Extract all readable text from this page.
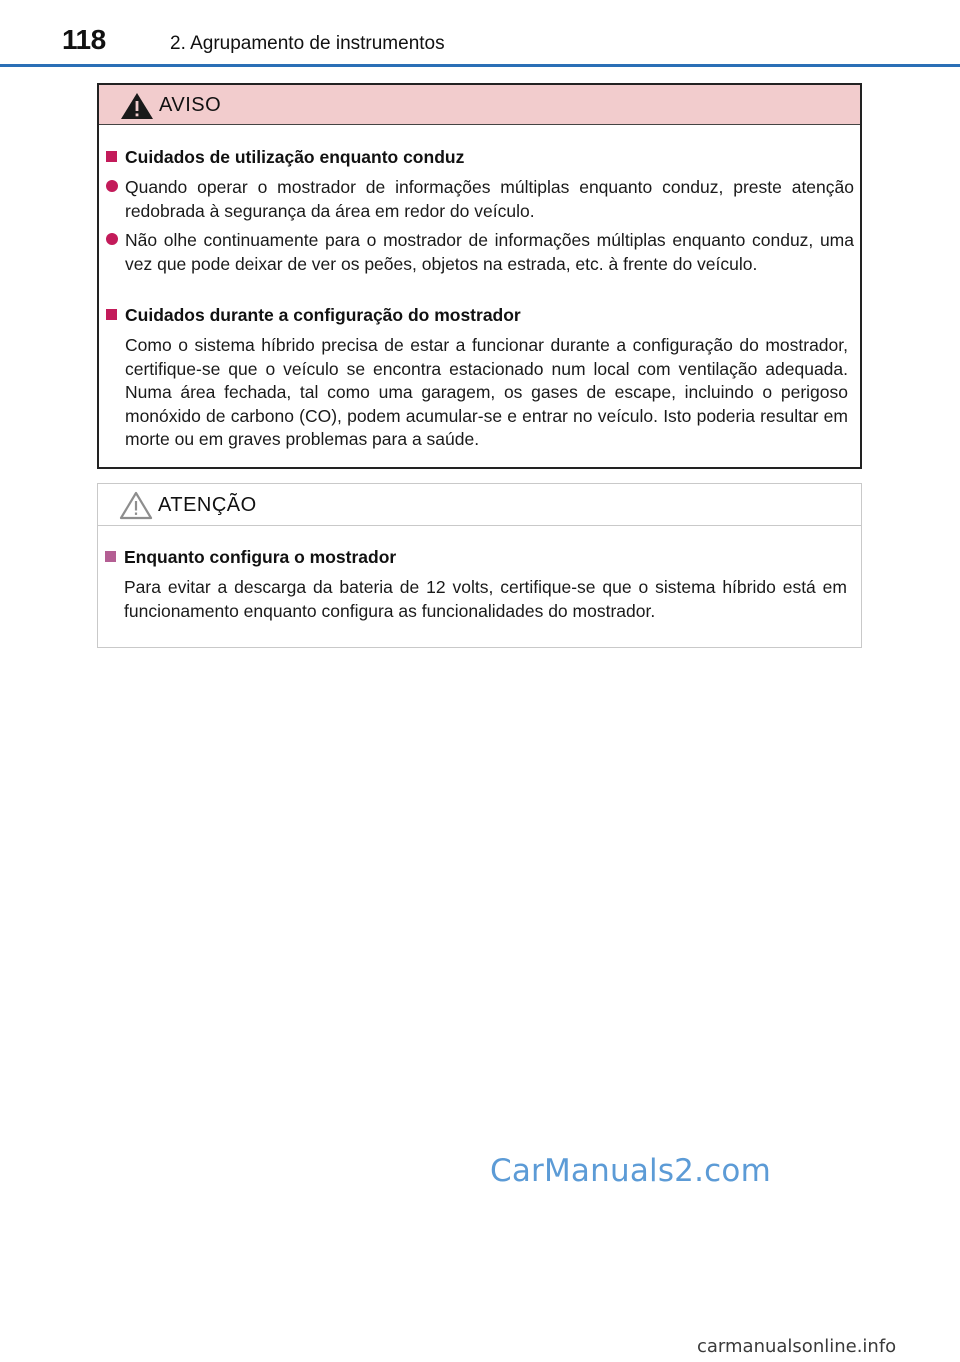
118	2. Agrupamento de instrumentos
AVISO
Cuidados de utilização enquanto conduz

Quando operar o mostrador de informações múltiplas enquanto conduz, preste atenção redobrada à segurança da área em redor do veículo.

Não olhe continuamente para o mostrador de informações múltiplas enquanto conduz, uma vez que pode deixar de ver os peões, objetos na estrada, etc. à frente do veículo.

Cuidados durante a configuração do mostrador

Como o sistema híbrido precisa de estar a funcionar durante a configuração do mostrador, certifique-se que o veículo se encontra estacionado num local com ventilação adequada. Numa área fechada, tal como uma garagem, os gases de escape, incluindo o perigoso monóxido de carbono (CO), podem acumular-se e entrar no veículo. Isto poderia resultar em morte ou em graves problemas para a saúde.

ATENÇÃO
Enquanto configura o mostrador

Para evitar a descarga da bateria de 12 volts, certifique-se que o sistema híbrido está em funcionamento enquanto configura as funcionalidades do mostrador.

CarManuals2.com
carmanualsonline.info
